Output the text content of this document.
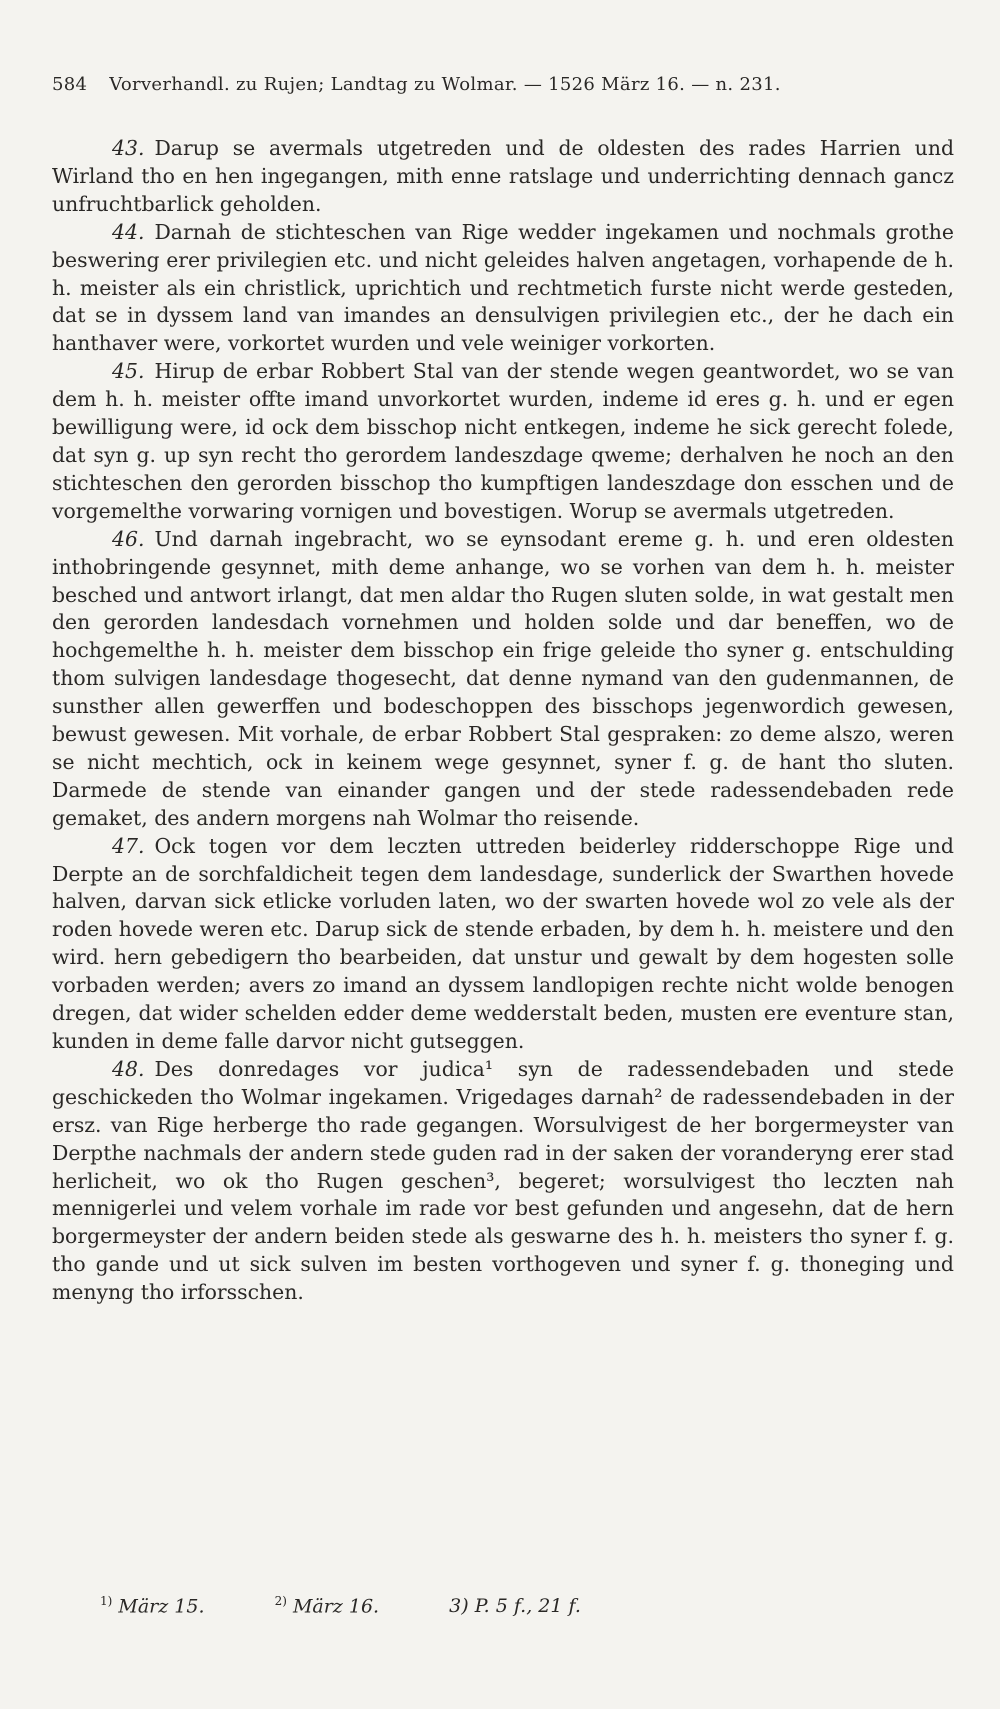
584 Vorverhandl. zu Rujen; Landtag zu Wolmar. — 1526 März 16. — n. 231.

43. Darup se avermals utgetreden und de oldesten des rades Harrien und Wirland tho en hen ingegangen, mith enne ratslage und underrichting dennach gancz unfruchtbarlick geholden.

44. Darnah de stichteschen van Rige wedder ingekamen und nochmals grothe beswering erer privilegien etc. und nicht geleides halven angetagen, vorhapende de h. h. meister als ein christlick, uprichtich und rechtmetich furste nicht werde gesteden, dat se in dyssem land van imandes an densulvigen privilegien etc., der he dach ein hanthaver were, vorkortet wurden und vele weiniger vorkorten.

45. Hirup de erbar Robbert Stal van der stende wegen geantwordet, wo se van dem h. h. meister offte imand unvorkortet wurden, indeme id eres g. h. und er egen bewilligung were, id ock dem bisschop nicht entkegen, indeme he sick gerecht folede, dat syn g. up syn recht tho gerordem landeszdage qweme; derhalven he noch an den stichteschen den gerorden bisschop tho kumpftigen landeszdage don esschen und de vorgemelthe vorwaring vornigen und bovestigen. Worup se avermals utgetreden.

46. Und darnah ingebracht, wo se eynsodant ereme g. h. und eren oldesten inthobringende gesynnet, mith deme anhange, wo se vorhen van dem h. h. meister besched und antwort irlangt, dat men aldar tho Rugen sluten solde, in wat gestalt men den gerorden landesdach vornehmen und holden solde und dar beneffen, wo de hochgemelthe h. h. meister dem bisschop ein frige geleide tho syner g. entschulding thom sulvigen landesdage thogesecht, dat denne nymand van den gudenmannen, de sunsther allen gewerffen und bodeschoppen des bisschops jegenwordich gewesen, bewust gewesen. Mit vorhale, de erbar Robbert Stal gespraken: zo deme alszo, weren se nicht mechtich, ock in keinem wege gesynnet, syner f. g. de hant tho sluten. Darmede de stende van einander gangen und der stede radessendebaden rede gemaket, des andern morgens nah Wolmar tho reisende.

47. Ock togen vor dem leczten uttreden beiderley ridderschoppe Rige und Derpte an de sorchfaldicheit tegen dem landesdage, sunderlick der Swarthen hovede halven, darvan sick etlicke vorluden laten, wo der swarten hovede wol zo vele als der roden hovede weren etc. Darup sick de stende erbaden, by dem h. h. meistere und den wird. hern gebedigern tho bearbeiden, dat unstur und gewalt by dem hogesten solle vorbaden werden; avers zo imand an dyssem landlopigen rechte nicht wolde benogen dregen, dat wider schelden edder deme wedderstalt beden, musten ere eventure stan, kunden in deme falle darvor nicht gutseggen.

48. Des donredages vor judica¹ syn de radessendebaden und stede geschickeden tho Wolmar ingekamen. Vrigedages darnah² de radessendebaden in der ersz. van Rige herberge tho rade gegangen. Worsulvigest de her borgermeyster van Derpthe nachmals der andern stede guden rad in der saken der voranderyng erer stad herlicheit, wo ok tho Rugen geschen³, begeret; worsulvigest tho leczten nah mennigerlei und velem vorhale im rade vor best gefunden und angesehn, dat de hern borgermeyster der andern beiden stede als geswarne des h. h. meisters tho syner f. g. tho gande und ut sick sulven im besten vorthogeven und syner f. g. thoneging und menyng tho irforsschen.

$^{1)}$ März 15.	$^{2)}$ März 16.	3) P. 5 f., 21 f.
